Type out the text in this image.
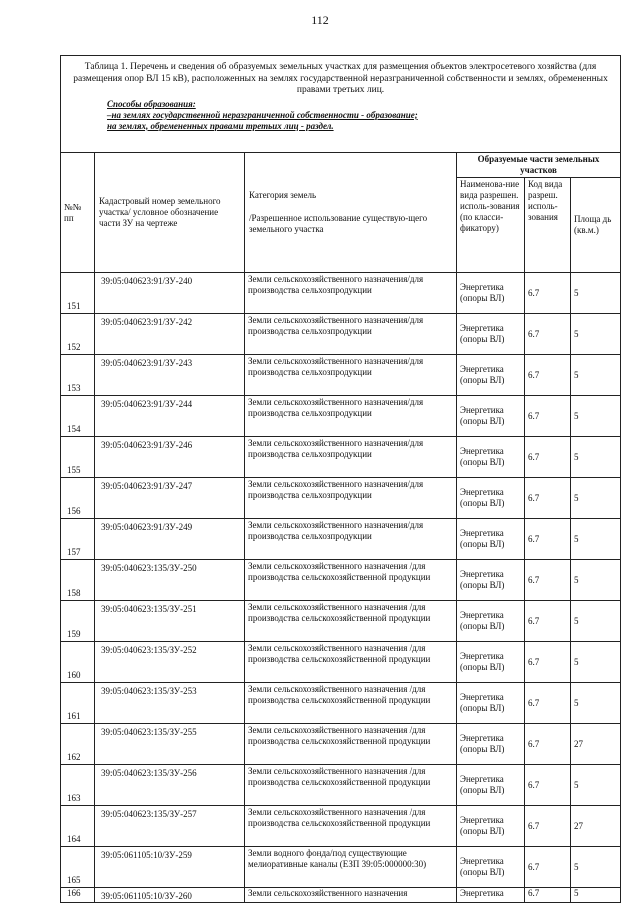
112
Таблица 1. Перечень и сведения об образуемых земельных участках для размещения объектов электросетевого хозяйства (для размещения опор ВЛ 15 кВ), расположенных на землях государственной неразграниченной собственности и землях, обремененных правами третьих лиц.
Способы образования:
–на землях государственной неразграниченной собственности - образование;
на землях, обремененных правами третьих лиц - раздел.					

№№ пп	Кадастровый номер земельного участка/ условное обозначение части ЗУ на чертеже	Категория земель
/Разрешенное использование существую-щего земельного участка	Образуемые части земельных участков		
			Наименова-ние вида разрешен. исполь-зования (по класси-фикатору)	Код вида разреш. исполь-зования	Площа дь (кв.м.)
151	39:05:040623:91/ЗУ-240	Земли сельскохозяйственного назначения/для производства сельхозпродукции	Энергетика (опоры ВЛ)	6.7	5
152	39:05:040623:91/ЗУ-242	Земли сельскохозяйственного назначения/для производства сельхозпродукции	Энергетика (опоры ВЛ)	6.7	5
153	39:05:040623:91/ЗУ-243	Земли сельскохозяйственного назначения/для производства сельхозпродукции	Энергетика (опоры ВЛ)	6.7	5
154	39:05:040623:91/ЗУ-244	Земли сельскохозяйственного назначения/для производства сельхозпродукции	Энергетика (опоры ВЛ)	6.7	5
155	39:05:040623:91/ЗУ-246	Земли сельскохозяйственного назначения/для производства сельхозпродукции	Энергетика (опоры ВЛ)	6.7	5
156	39:05:040623:91/ЗУ-247	Земли сельскохозяйственного назначения/для производства сельхозпродукции	Энергетика (опоры ВЛ)	6.7	5
157	39:05:040623:91/ЗУ-249	Земли сельскохозяйственного назначения/для производства сельхозпродукции	Энергетика (опоры ВЛ)	6.7	5
158	39:05:040623:135/ЗУ-250	Земли сельскохозяйственного назначения /для производства сельскохозяйственной продукции	Энергетика (опоры ВЛ)	6.7	5
159	39:05:040623:135/ЗУ-251	Земли сельскохозяйственного назначения /для производства сельскохозяйственной продукции	Энергетика (опоры ВЛ)	6.7	5
160	39:05:040623:135/ЗУ-252	Земли сельскохозяйственного назначения /для производства сельскохозяйственной продукции	Энергетика (опоры ВЛ)	6.7	5
161	39:05:040623:135/ЗУ-253	Земли сельскохозяйственного назначения /для производства сельскохозяйственной продукции	Энергетика (опоры ВЛ)	6.7	5
162	39:05:040623:135/ЗУ-255	Земли сельскохозяйственного назначения /для производства сельскохозяйственной продукции	Энергетика (опоры ВЛ)	6.7	27
163	39:05:040623:135/ЗУ-256	Земли сельскохозяйственного назначения /для производства сельскохозяйственной продукции	Энергетика (опоры ВЛ)	6.7	5
164	39:05:040623:135/ЗУ-257	Земли сельскохозяйственного назначения /для производства сельскохозяйственной продукции	Энергетика (опоры ВЛ)	6.7	27
165	39:05:061105:10/ЗУ-259	Земли водного фонда/под существующие мелиоративные каналы (ЕЗП 39:05:000000:30)	Энергетика (опоры ВЛ)	6.7	5
166	39:05:061105:10/ЗУ-260	Земли сельскохозяйственного назначения	Энергетика	6.7	5
